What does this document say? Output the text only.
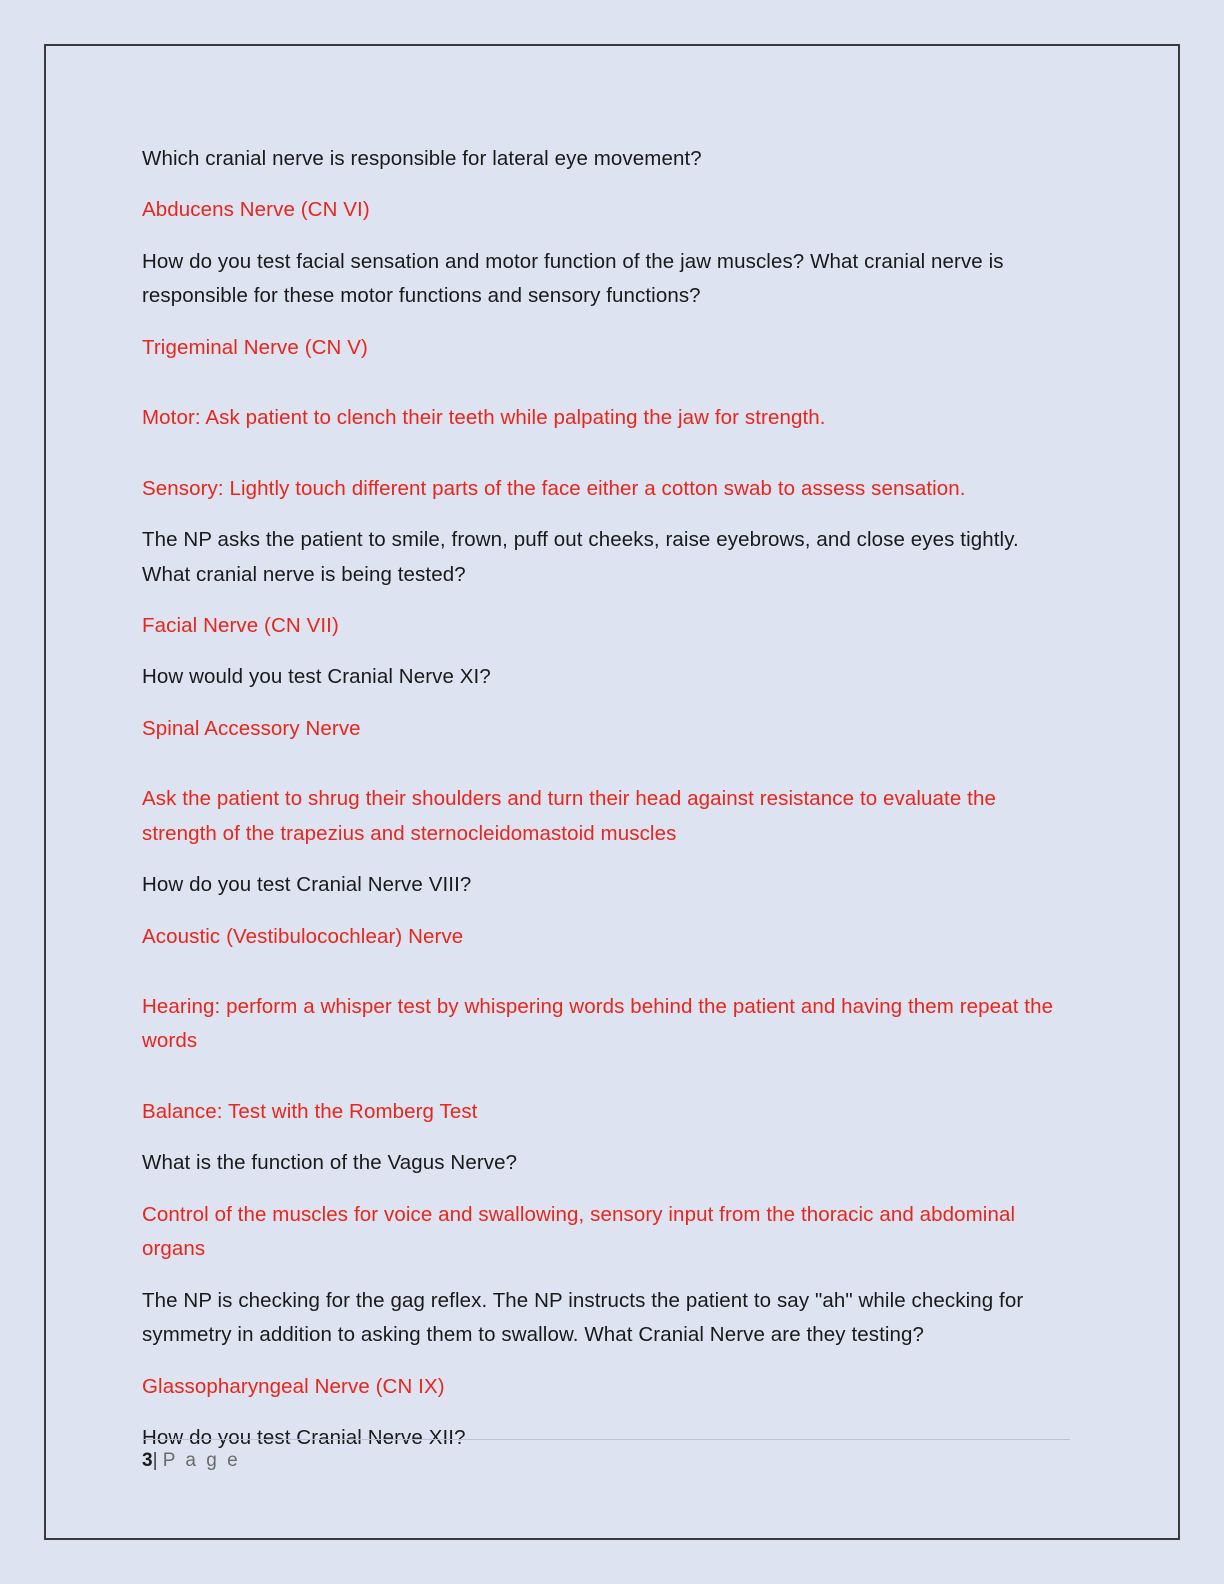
Which cranial nerve is responsible for lateral eye movement?

Abducens Nerve (CN VI)

How do you test facial sensation and motor function of the jaw muscles? What cranial nerve is responsible for these motor functions and sensory functions?

Trigeminal Nerve (CN V)

Motor: Ask patient to clench their teeth while palpating the jaw for strength.

Sensory: Lightly touch different parts of the face either a cotton swab to assess sensation.

The NP asks the patient to smile, frown, puff out cheeks, raise eyebrows, and close eyes tightly. What cranial nerve is being tested?

Facial Nerve (CN VII)

How would you test Cranial Nerve XI?

Spinal Accessory Nerve

Ask the patient to shrug their shoulders and turn their head against resistance to evaluate the strength of the trapezius and sternocleidomastoid muscles

How do you test Cranial Nerve VIII?

Acoustic (Vestibulocochlear) Nerve

Hearing: perform a whisper test by whispering words behind the patient and having them repeat the words

Balance: Test with the Romberg Test

What is the function of the Vagus Nerve?

Control of the muscles for voice and swallowing, sensory input from the thoracic and abdominal organs

The NP is checking for the gag reflex. The NP instructs the patient to say "ah" while checking for symmetry in addition to asking them to swallow. What Cranial Nerve are they testing?

Glassopharyngeal Nerve (CN IX)

How do you test Cranial Nerve XII?

3| P a g e
